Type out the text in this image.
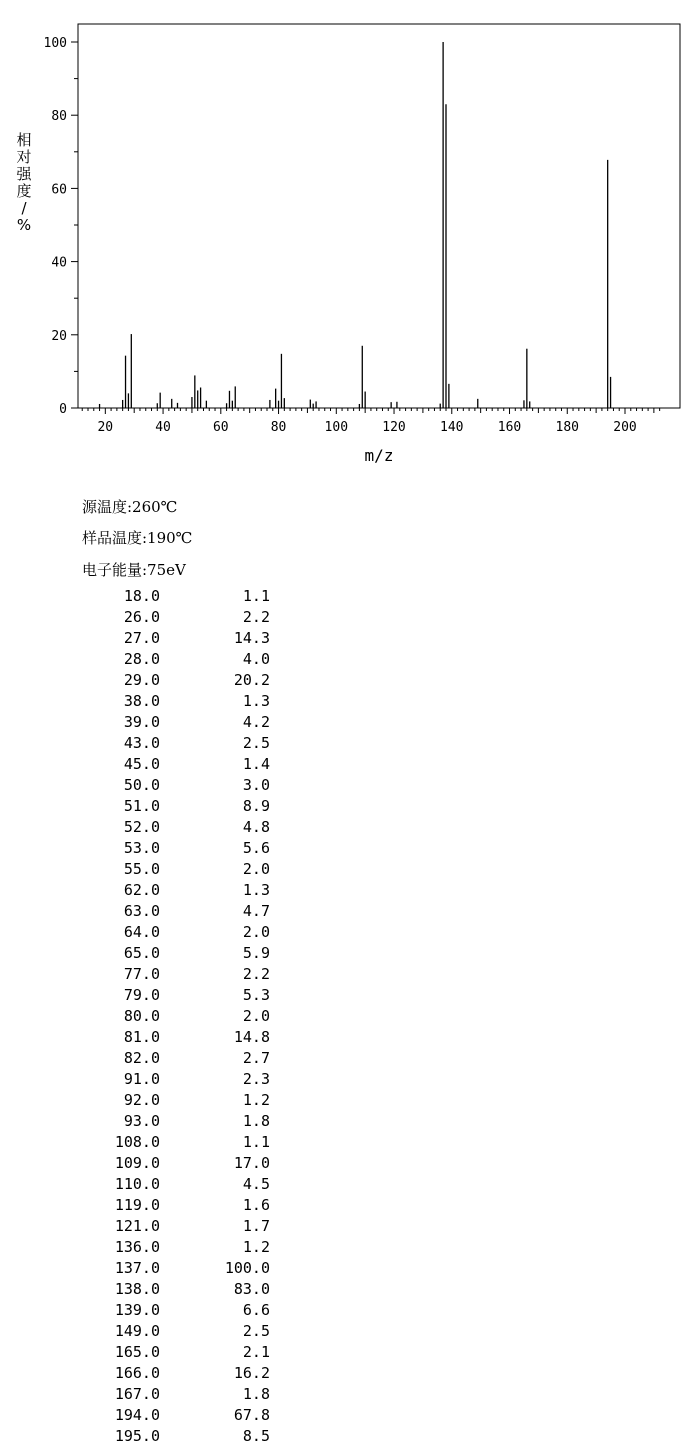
20	40	60	80	100	120	140	160	180	200
0
20
40
60
80
100
m/z
相
对
强
度
/
%
源温度:260℃
样品温度:190℃
电子能量:75eV
18.0	1.1
26.0	2.2
27.0	14.3
28.0	4.0
29.0	20.2
38.0	1.3
39.0	4.2
43.0	2.5
45.0	1.4
50.0	3.0
51.0	8.9
52.0	4.8
53.0	5.6
55.0	2.0
62.0	1.3
63.0	4.7
64.0	2.0
65.0	5.9
77.0	2.2
79.0	5.3
80.0	2.0
81.0	14.8
82.0	2.7
91.0	2.3
92.0	1.2
93.0	1.8
108.0	1.1
109.0	17.0
110.0	4.5
119.0	1.6
121.0	1.7
136.0	1.2
137.0	100.0
138.0	83.0
139.0	6.6
149.0	2.5
165.0	2.1
166.0	16.2
167.0	1.8
194.0	67.8
195.0	8.5
